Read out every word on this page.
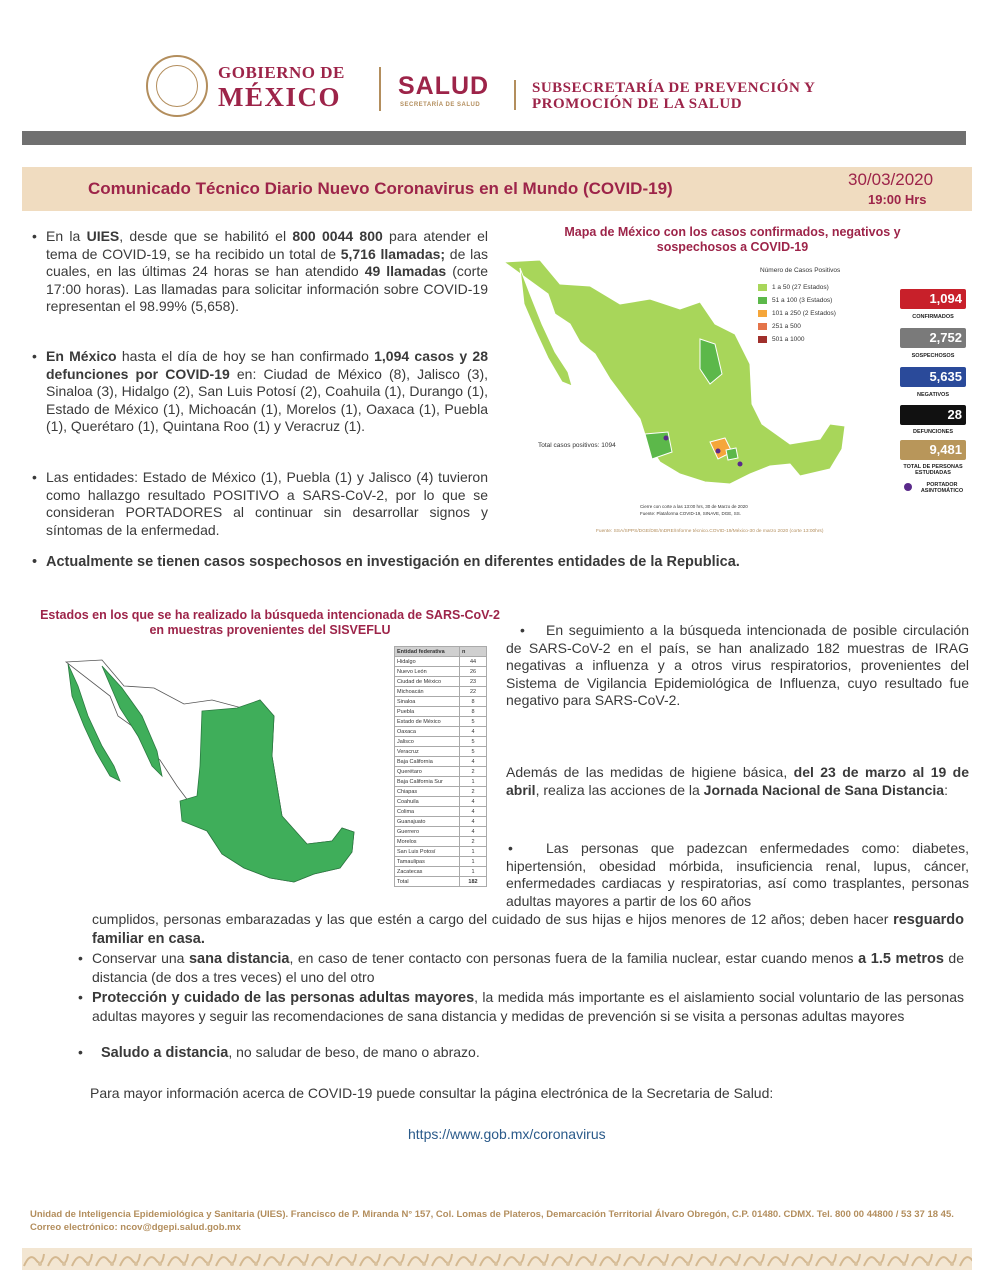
GOBIERNO DE
MÉXICO SALUD
SECRETARÍA DE SALUD
SUBSECRETARÍA DE PREVENCIÓN Y
PROMOCIÓN DE LA SALUD
Comunicado Técnico Diario Nuevo Coronavirus en el Mundo (COVID-19)	30/03/2020
19:00 Hrs
• En la UIES, desde que se habilitó el 800 0044 800 para atender el tema de COVID-19, se ha recibido un total de 5,716 llamadas; de las cuales, en las últimas 24 horas se han atendido 49 llamadas (corte 17:00 horas). Las llamadas para solicitar información sobre COVID-19 representan el 98.99% (5,658).
• En México hasta el día de hoy se han confirmado 1,094 casos y 28 defunciones por COVID-19 en: Ciudad de México (8), Jalisco (3), Sinaloa (3), Hidalgo (2), San Luis Potosí (2), Coahuila (1), Durango (1), Estado de México (1), Michoacán (1), Morelos (1), Oaxaca (1), Puebla (1), Querétaro (1), Quintana Roo (1) y Veracruz (1).
• Las entidades: Estado de México (1), Puebla (1) y Jalisco (4) tuvieron como hallazgo resultado POSITIVO a SARS-CoV-2, por lo que se consideran PORTADORES al continuar sin desarrollar signos y síntomas de la enfermedad.
• Actualmente se tienen casos sospechosos en investigación en diferentes entidades de la Republica.
Mapa de México con los casos confirmados, negativos y sospechosos a COVID-19
Número de Casos Positivos
1 a 50 (27 Estados)
51 a 100 (3 Estados)
101 a 250 (2 Estados)
251 a 500
501 a 1000
Total casos positivos: 1094
Cierre con corte a las 13:00 hrs, 30 de Marzo de 2020
Fuente: Plataforma COVID-19, SINAVE, DGE, SS.
Fuente: SSA/SPPS/DGE/DIE/InDRE/Informe técnico.COVID-19/México-30 de marzo 2020 (corte 13:00hrs)
1,094
CONFIRMADOS
2,752
SOSPECHOSOS
5,635
NEGATIVOS
28
DEFUNCIONES
9,481
TOTAL DE PERSONAS ESTUDIADAS
PORTADOR ASINTOMÁTICO
Estados en los que se ha realizado la búsqueda intencionada de SARS-CoV-2 en muestras provenientes del SISVEFLU
Entidad federativa	n
Hidalgo	44
Nuevo León	26
Ciudad de México	23
Michoacán	22
Sinaloa	8
Puebla	8
Estado de México	5
Oaxaca	4
Jalisco	5
Veracruz	5
Baja California	4
Querétaro	2
Baja California Sur	1
Chiapas	2
Coahuila	4
Colima	4
Guanajuato	4
Guerrero	4
Morelos	2
San Luis Potosí	1
Tamaulipas	1
Zacatecas	1
Total	182
•	En seguimiento a la búsqueda intencionada de posible circulación de SARS-CoV-2 en el país, se han analizado 182 muestras de IRAG negativas a influenza y a otros virus respiratorios, provenientes del Sistema de Vigilancia Epidemiológica de Influenza, cuyo resultado fue negativo para SARS-CoV-2.
Además de las medidas de higiene básica, del 23 de marzo al 19 de abril, realiza las acciones de la Jornada Nacional de Sana Distancia:
•	Las personas que padezcan enfermedades como: diabetes, hipertensión, obesidad mórbida, insuficiencia renal, lupus, cáncer, enfermedades cardiacas y respiratorias, así como trasplantes, personas adultas mayores a partir de los 60 años
cumplidos, personas embarazadas y las que estén a cargo del cuidado de sus hijas e hijos menores de 12 años; deben hacer resguardo familiar en casa.
• Conservar una sana distancia, en caso de tener contacto con personas fuera de la familia nuclear, estar cuando menos a 1.5 metros de distancia (de dos a tres veces) el uno del otro
• Protección y cuidado de las personas adultas mayores, la medida más importante es el aislamiento social voluntario de las personas adultas mayores y seguir las recomendaciones de sana distancia y medidas de prevención si se visita a personas adultas mayores
•	Saludo a distancia, no saludar de beso, de mano o abrazo.
Para mayor información acerca de COVID-19 puede consultar la página electrónica de la Secretaria de Salud:
https://www.gob.mx/coronavirus
Unidad de Inteligencia Epidemiológica y Sanitaria (UIES). Francisco de P. Miranda N° 157, Col. Lomas de Plateros, Demarcación Territorial Álvaro Obregón, C.P. 01480. CDMX. Tel. 800 00 44800 / 53 37 18 45. Correo electrónico: ncov@dgepi.salud.gob.mx
